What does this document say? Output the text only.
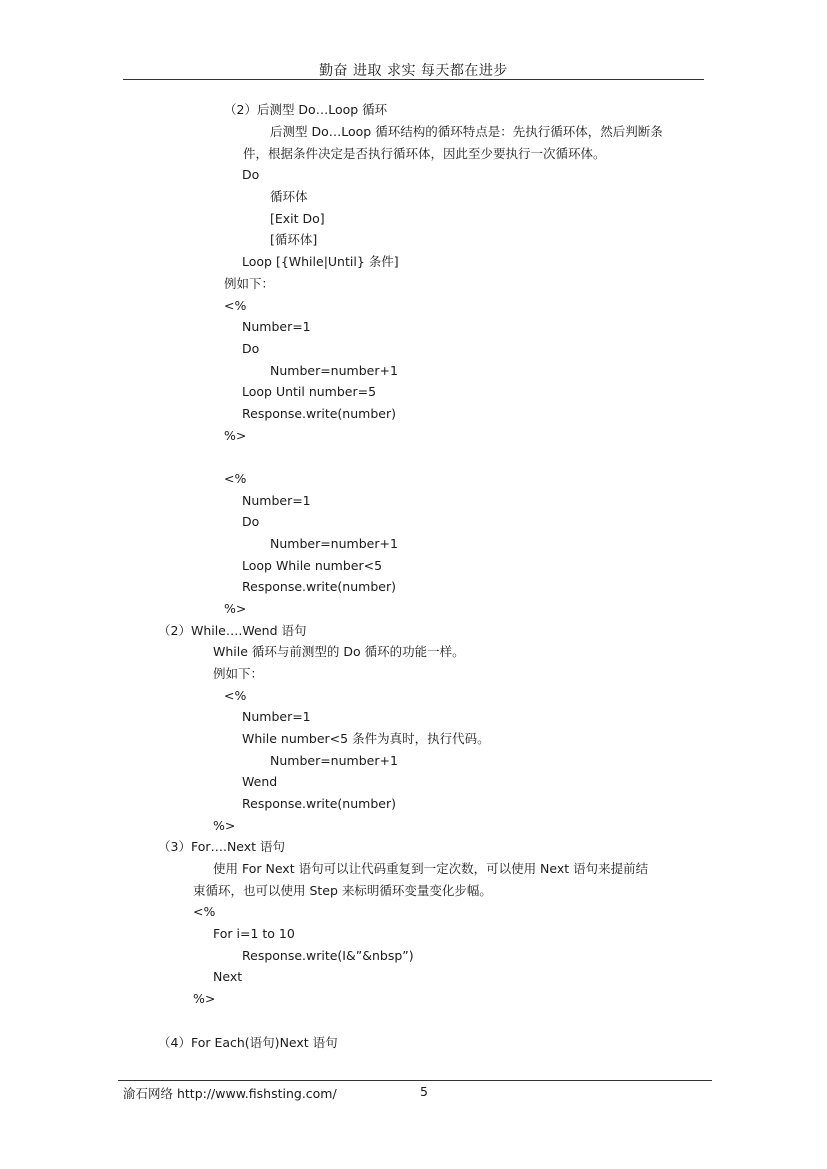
勤奋 进取 求实 每天都在进步
（2）后测型 Do…Loop 循环
后测型 Do…Loop 循环结构的循环特点是：先执行循环体，然后判断条
件，根据条件决定是否执行循环体，因此至少要执行一次循环体。
Do
循环体
[Exit Do]
[循环体]
Loop [{While|Until} 条件]
例如下：
<%
Number=1
Do
Number=number+1
Loop Until number=5
Response.write(number)
%>
<%
Number=1
Do
Number=number+1
Loop While number<5
Response.write(number)
%>
（2）While….Wend 语句
While 循环与前测型的 Do 循环的功能一样。
例如下：
<%
Number=1
While number<5 条件为真时，执行代码。
Number=number+1
Wend
Response.write(number)
%>
（3）For….Next 语句
使用 For Next 语句可以让代码重复到一定次数，可以使用 Next 语句来提前结
束循环，也可以使用 Step 来标明循环变量变化步幅。
<%
For i=1 to 10
Response.write(I&”&nbsp”)
Next
%>
（4）For Each(语句)Next 语句
渝石网络 http://www.fishsting.com/	5
